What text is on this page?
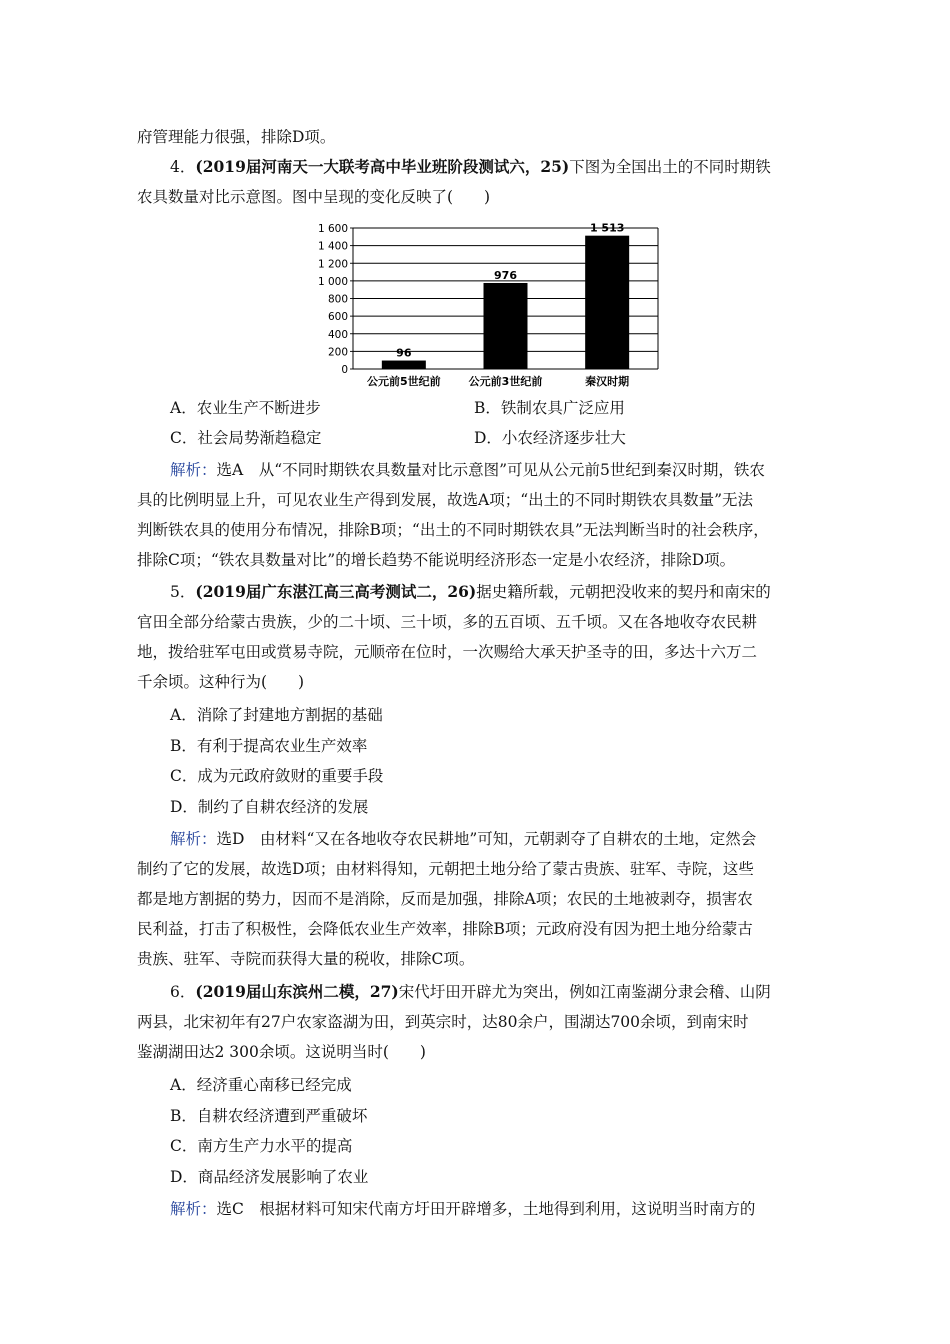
府管理能力很强，排除D项。
4．(2019届河南天一大联考高中毕业班阶段测试六，25)下图为全国出土的不同时期铁
农具数量对比示意图。图中呈现的变化反映了(　　)
0
200
400
600
800
1 000
1 200
1 400
1 600
96
976
1 513
公元前5世纪前	公元前3世纪前	秦汉时期
A．农业生产不断进步	B．铁制农具广泛应用
C．社会局势渐趋稳定	D．小农经济逐步壮大
解析：选A　从“不同时期铁农具数量对比示意图”可见从公元前5世纪到秦汉时期，铁农
具的比例明显上升，可见农业生产得到发展，故选A项；“出土的不同时期铁农具数量”无法
判断铁农具的使用分布情况，排除B项；“出土的不同时期铁农具”无法判断当时的社会秩序，
排除C项；“铁农具数量对比”的增长趋势不能说明经济形态一定是小农经济，排除D项。
5．(2019届广东湛江高三高考测试二，26)据史籍所载，元朝把没收来的契丹和南宋的
官田全部分给蒙古贵族，少的二十顷、三十顷，多的五百顷、五千顷。又在各地收夺农民耕
地，拨给驻军屯田或赏易寺院，元顺帝在位时，一次赐给大承天护圣寺的田，多达十六万二
千余顷。这种行为(　　)
A．消除了封建地方割据的基础
B．有利于提高农业生产效率
C．成为元政府敛财的重要手段
D．制约了自耕农经济的发展
解析：选D　由材料“又在各地收夺农民耕地”可知，元朝剥夺了自耕农的土地，定然会
制约了它的发展，故选D项；由材料得知，元朝把土地分给了蒙古贵族、驻军、寺院，这些
都是地方割据的势力，因而不是消除，反而是加强，排除A项；农民的土地被剥夺，损害农
民利益，打击了积极性，会降低农业生产效率，排除B项；元政府没有因为把土地分给蒙古
贵族、驻军、寺院而获得大量的税收，排除C项。
6．(2019届山东滨州二模，27)宋代圩田开辟尤为突出，例如江南鉴湖分隶会稽、山阴
两县，北宋初年有27户农家盗湖为田，到英宗时，达80余户，围湖达700余顷，到南宋时
鉴湖湖田达2 300余顷。这说明当时(　　)
A．经济重心南移已经完成
B．自耕农经济遭到严重破坏
C．南方生产力水平的提高
D．商品经济发展影响了农业
解析：选C　根据材料可知宋代南方圩田开辟增多，土地得到利用，这说明当时南方的
